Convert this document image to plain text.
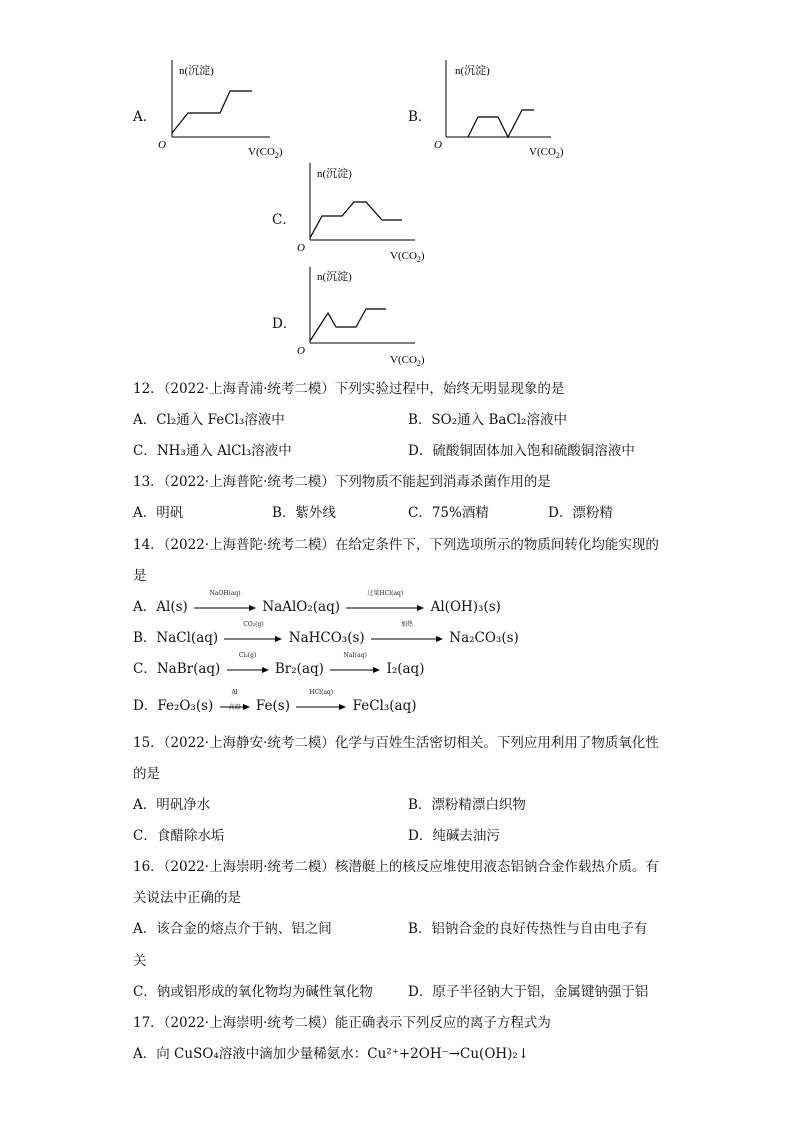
A．
n(沉淀)
O
$V(CO_2)$
B．
n(沉淀)
O
$V(CO_2)$
C．
n(沉淀)
O
$V(CO_2)$
D．
n(沉淀)
O
$V(CO_2)$
12．（2022·上海青浦·统考二模）下列实验过程中，始终无明显现象的是
A．Cl₂通入 FeCl₃溶液中	B．SO₂通入 BaCl₂溶液中
C．NH₃通入 AlCl₃溶液中	D．硫酸铜固体加入饱和硫酸铜溶液中
13．（2022·上海普陀·统考二模）下列物质不能起到消毒杀菌作用的是
A．明矾	B．紫外线	C．75%酒精	D．漂粉精
14．（2022·上海普陀·统考二模）在给定条件下，下列选项所示的物质间转化均能实现的
是
A．Al(s)
NaOH(aq)
NaAlO₂(aq)
过量HCl(aq)
Al(OH)₃(s)
B．NaCl(aq)
CO₂(g)
NaHCO₃(s)
加热
Na₂CO₃(s)
C．NaBr(aq)
Cl₂(g)
Br₂(aq)
NaI(aq)
I₂(aq)
D．Fe₂O₃(s)
Al
高温	Fe(s)
HCl(aq)
FeCl₃(aq)
15．（2022·上海静安·统考二模）化学与百姓生活密切相关。下列应用利用了物质氧化性
的是
A．明矾净水	B．漂粉精漂白织物
C．食醋除水垢	D．纯碱去油污
16．（2022·上海崇明·统考二模）核潜艇上的核反应堆使用液态铝钠合金作载热介质。有
关说法中正确的是
A．该合金的熔点介于钠、铝之间	B．铝钠合金的良好传热性与自由电子有
关
C．钠或铝形成的氧化物均为碱性氧化物	D．原子半径钠大于铝，金属键钠强于铝
17．（2022·上海崇明·统考二模）能正确表示下列反应的离子方程式为
A．向 CuSO₄溶液中滴加少量稀氨水：Cu²⁺+2OH⁻→Cu(OH)₂↓
